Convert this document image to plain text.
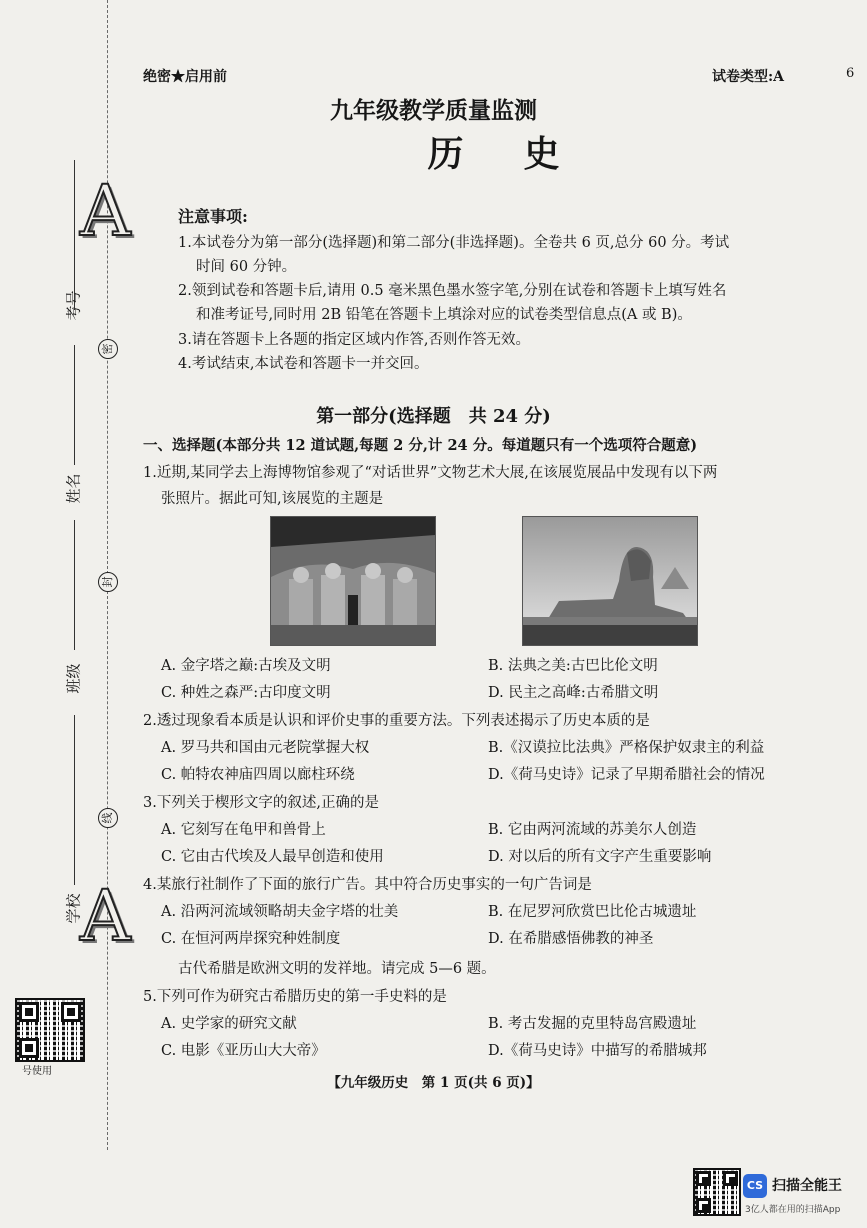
A
A
考号
姓名
班级
学校
密
封
线
号使用
绝密★启用前	试卷类型:A	6
九年级教学质量监测
历 史
注意事项:
1.本试卷分为第一部分(选择题)和第二部分(非选择题)。全卷共 6 页,总分 60 分。考试
时间 60 分钟。
2.领到试卷和答题卡后,请用 0.5 毫米黑色墨水签字笔,分别在试卷和答题卡上填写姓名
和准考证号,同时用 2B 铅笔在答题卡上填涂对应的试卷类型信息点(A 或 B)。
3.请在答题卡上各题的指定区域内作答,否则作答无效。
4.考试结束,本试卷和答题卡一并交回。
第一部分(选择题　共 24 分)
一、选择题(本部分共 12 道试题,每题 2 分,计 24 分。每道题只有一个选项符合题意)
1.近期,某同学去上海博物馆参观了“对话世界”文物艺术大展,在该展览展品中发现有以下两
张照片。据此可知,该展览的主题是
A. 金字塔之巅:古埃及文明	B. 法典之美:古巴比伦文明
C. 种姓之森严:古印度文明	D. 民主之高峰:古希腊文明
2.透过现象看本质是认识和评价史事的重要方法。下列表述揭示了历史本质的是
A. 罗马共和国由元老院掌握大权	B.《汉谟拉比法典》严格保护奴隶主的利益
C. 帕特农神庙四周以廊柱环绕	D.《荷马史诗》记录了早期希腊社会的情况
3.下列关于楔形文字的叙述,正确的是
A. 它刻写在龟甲和兽骨上	B. 它由两河流域的苏美尔人创造
C. 它由古代埃及人最早创造和使用	D. 对以后的所有文字产生重要影响
4.某旅行社制作了下面的旅行广告。其中符合历史事实的一句广告词是
A. 沿两河流域领略胡夫金字塔的壮美	B. 在尼罗河欣赏巴比伦古城遗址
C. 在恒河两岸探究种姓制度	D. 在希腊感悟佛教的神圣
古代希腊是欧洲文明的发祥地。请完成 5—6 题。
5.下列可作为研究古希腊历史的第一手史料的是
A. 史学家的研究文献	B. 考古发掘的克里特岛宫殿遗址
C. 电影《亚历山大大帝》	D.《荷马史诗》中描写的希腊城邦
【九年级历史　第 1 页(共 6 页)】
CS 扫描全能王
3亿人都在用的扫描App
